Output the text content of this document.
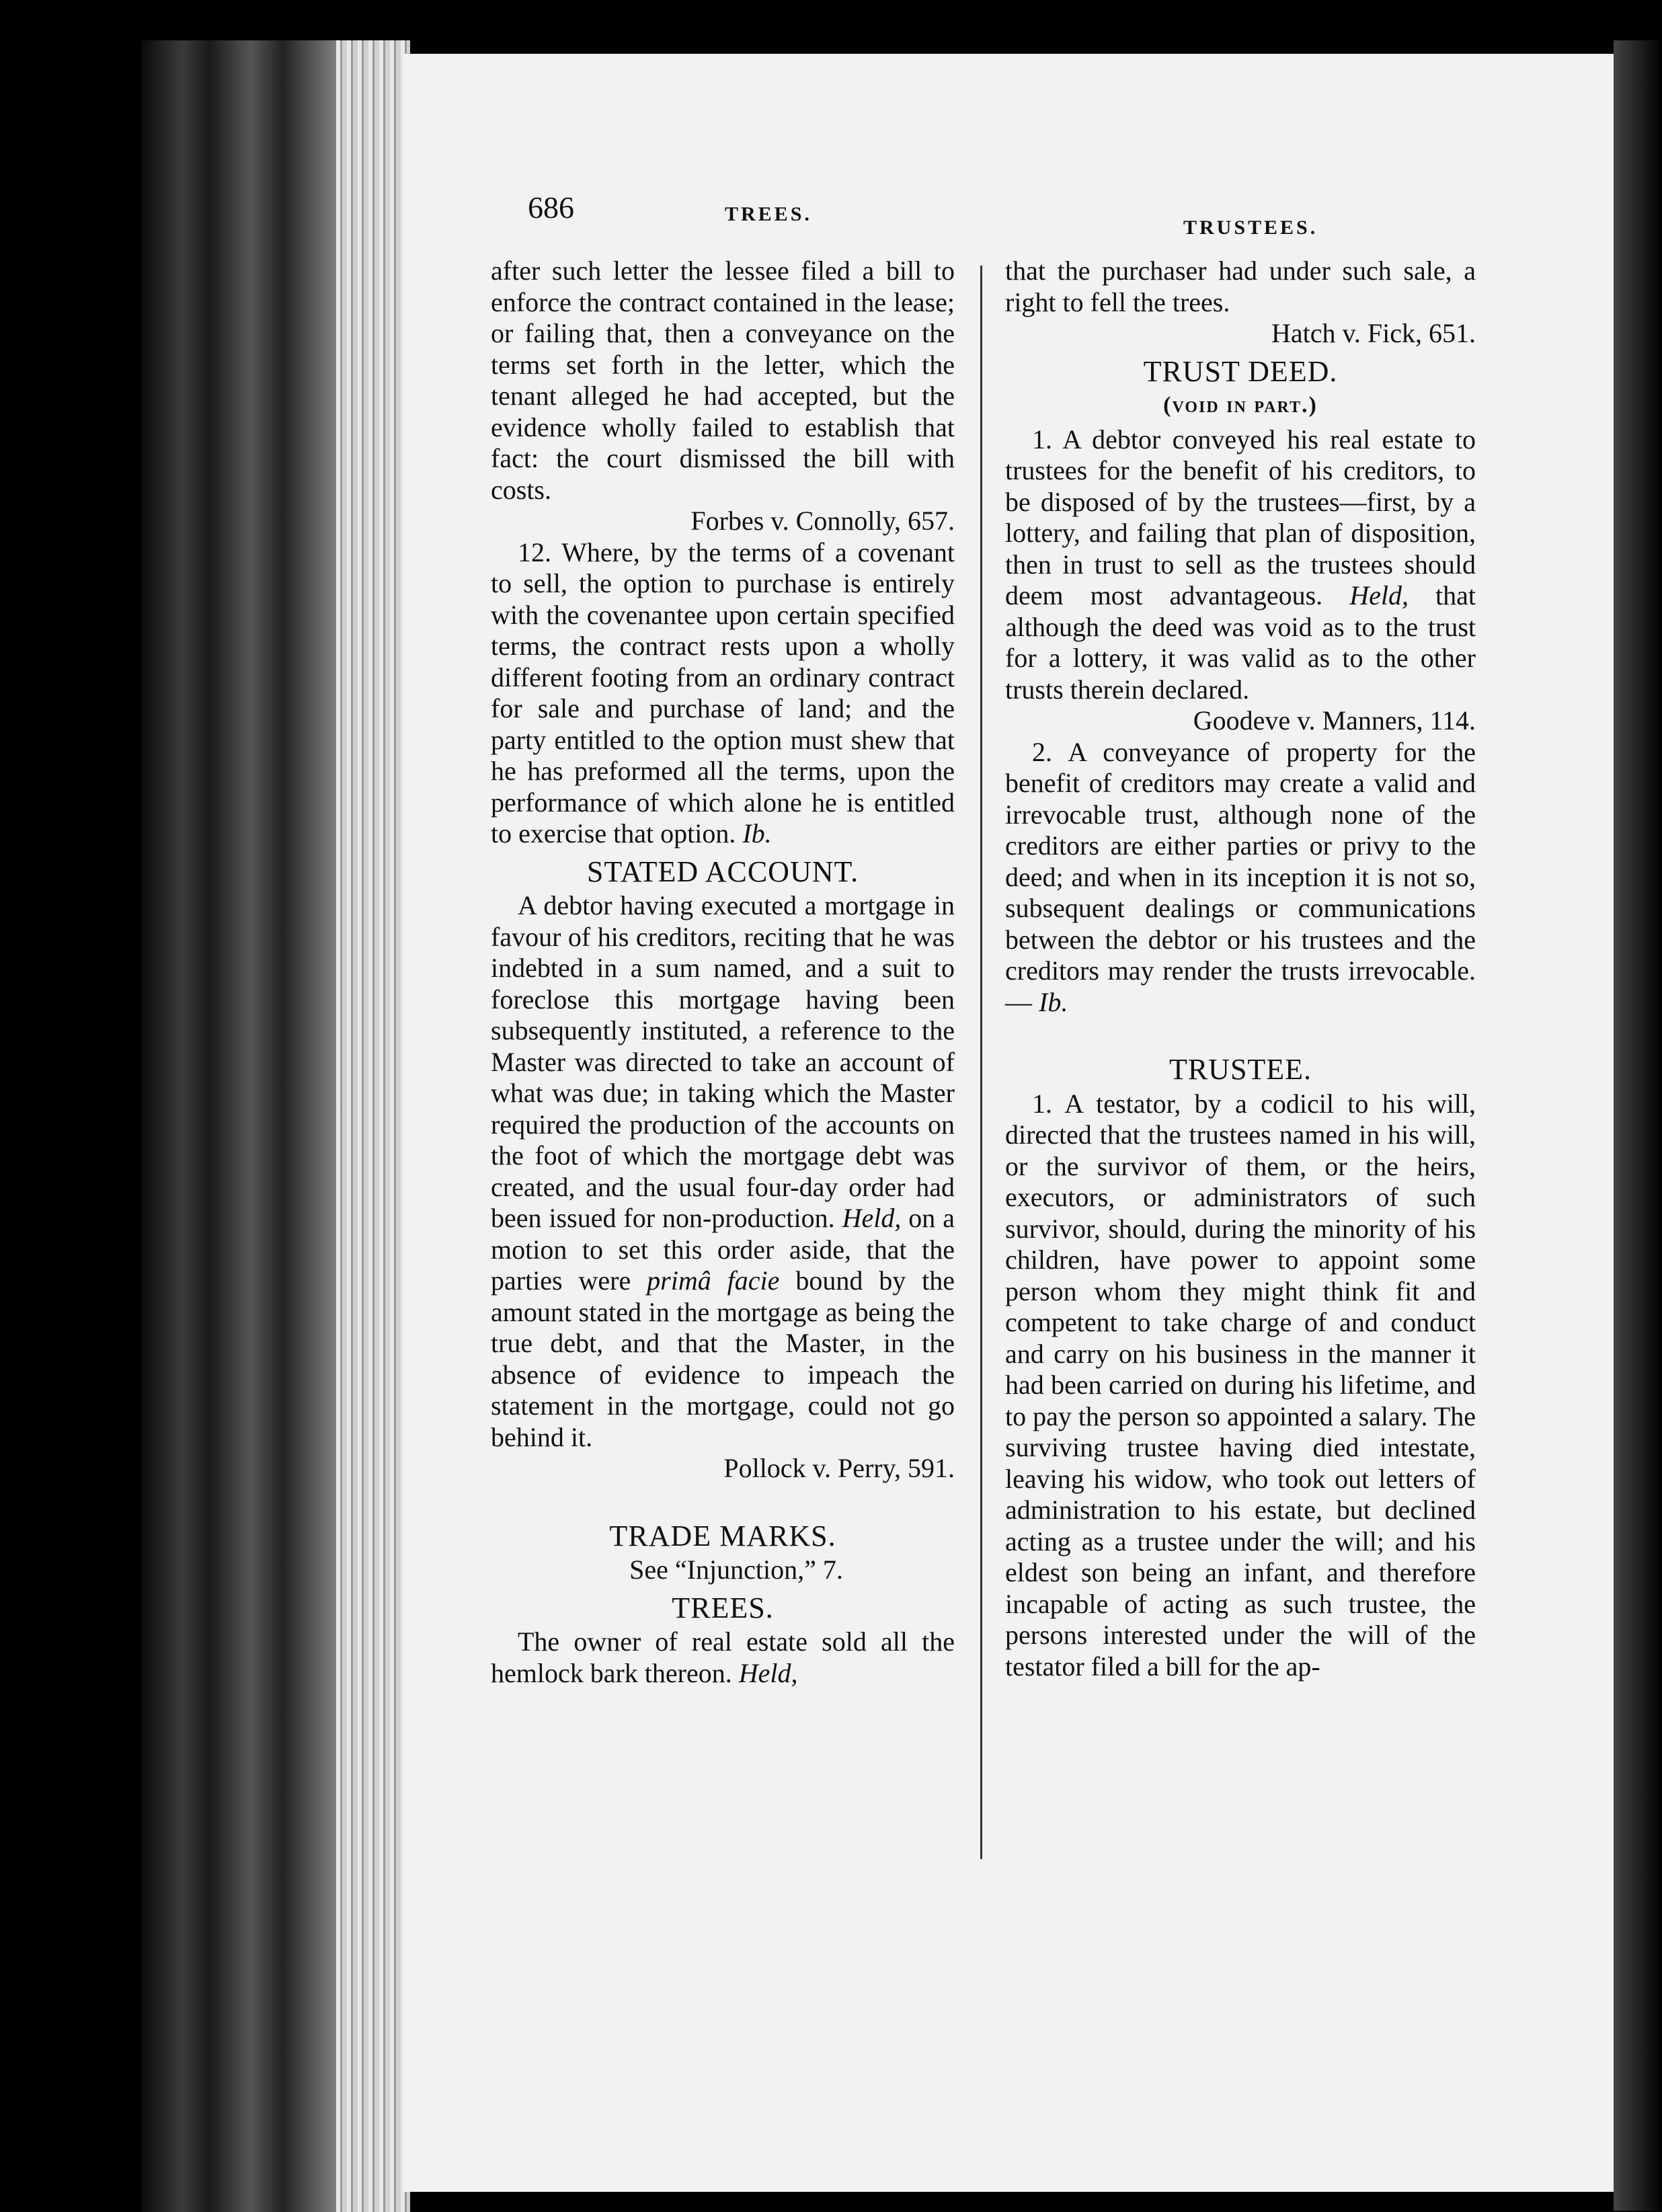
686	TREES.
TRUSTEES.

after such letter the lessee filed a bill to enforce the contract contained in the lease; or failing that, then a conveyance on the terms set forth in the letter, which the tenant alleged he had accepted, but the evidence wholly failed to establish that fact: the court dismissed the bill with costs.

Forbes v. Connolly, 657.

12. Where, by the terms of a covenant to sell, the option to purchase is entirely with the covenantee upon certain specified terms, the contract rests upon a wholly different footing from an ordinary contract for sale and purchase of land; and the party entitled to the option must shew that he has preformed all the terms, upon the performance of which alone he is entitled to exercise that option. Ib.

STATED ACCOUNT.

A debtor having executed a mortgage in favour of his creditors, reciting that he was indebted in a sum named, and a suit to foreclose this mortgage having been subsequently instituted, a reference to the Master was directed to take an account of what was due; in taking which the Master required the production of the accounts on the foot of which the mortgage debt was created, and the usual four-day order had been issued for non-production. Held, on a motion to set this order aside, that the parties were primâ facie bound by the amount stated in the mortgage as being the true debt, and that the Master, in the absence of evidence to impeach the statement in the mortgage, could not go behind it.

Pollock v. Perry, 591.

TRADE MARKS.

See “Injunction,” 7.

TREES.

The owner of real estate sold all the hemlock bark thereon. Held,

that the purchaser had under such sale, a right to fell the trees.

Hatch v. Fick, 651.

TRUST DEED.
(void in part.)

1. A debtor conveyed his real estate to trustees for the benefit of his creditors, to be disposed of by the trustees—first, by a lottery, and failing that plan of disposition, then in trust to sell as the trustees should deem most advantageous. Held, that although the deed was void as to the trust for a lottery, it was valid as to the other trusts therein declared.

Goodeve v. Manners, 114.

2. A conveyance of property for the benefit of creditors may create a valid and irrevocable trust, although none of the creditors are either parties or privy to the deed; and when in its inception it is not so, subsequent dealings or communications between the debtor or his trustees and the creditors may render the trusts irrevocable.— Ib.

TRUSTEE.

1. A testator, by a codicil to his will, directed that the trustees named in his will, or the survivor of them, or the heirs, executors, or administrators of such survivor, should, during the minority of his children, have power to appoint some person whom they might think fit and competent to take charge of and conduct and carry on his business in the manner it had been carried on during his lifetime, and to pay the person so appointed a salary. The surviving trustee having died intestate, leaving his widow, who took out letters of administration to his estate, but declined acting as a trustee under the will; and his eldest son being an infant, and therefore incapable of acting as such trustee, the persons interested under the will of the testator filed a bill for the ap-
